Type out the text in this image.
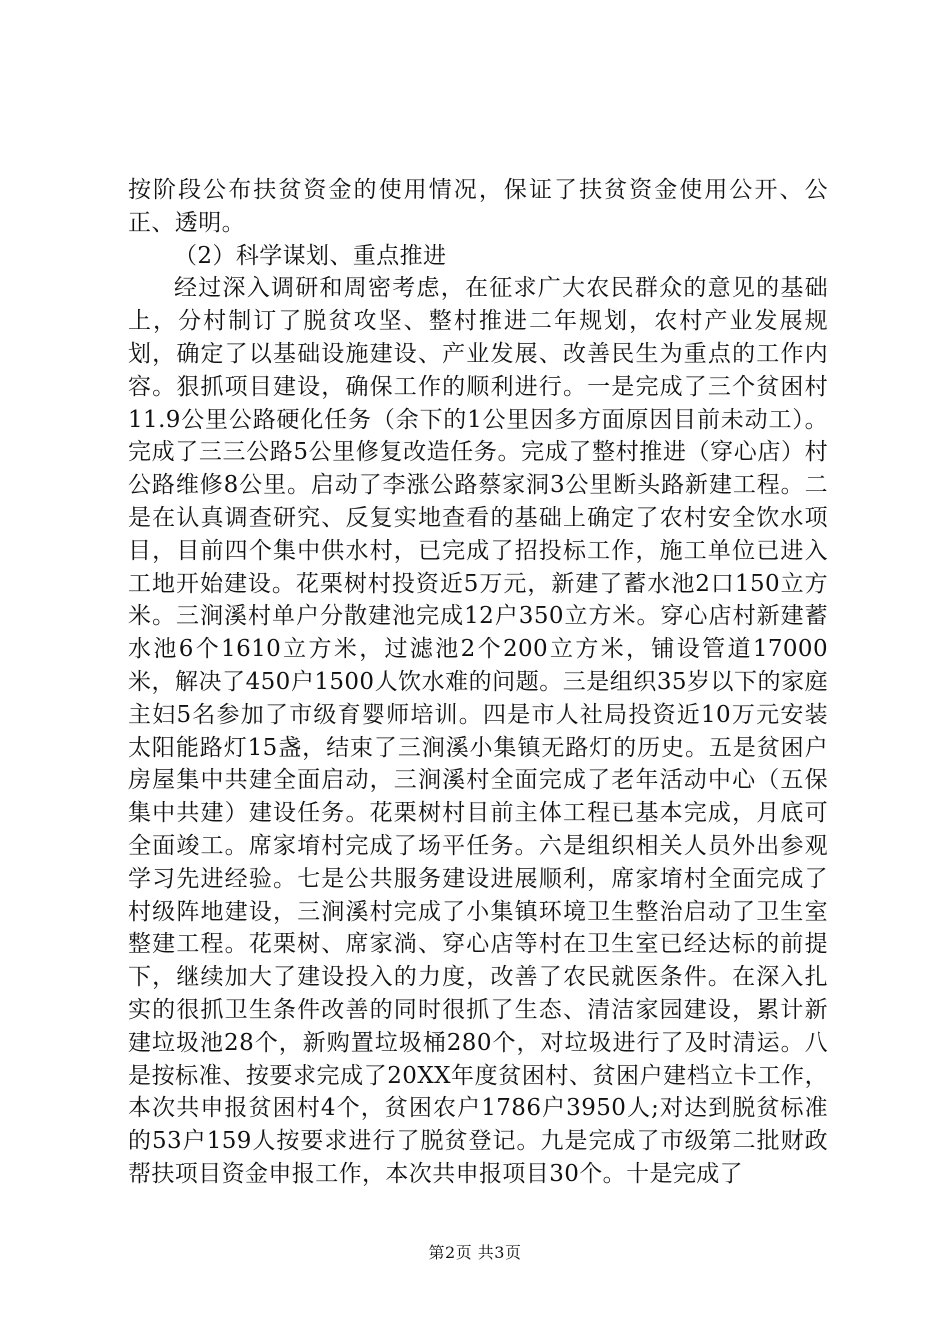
按阶段公布扶贫资金的使用情况，保证了扶贫资金使用公开、公正、透明。

（2）科学谋划、重点推进

经过深入调研和周密考虑，在征求广大农民群众的意见的基础上，分村制订了脱贫攻坚、整村推进二年规划，农村产业发展规划，确定了以基础设施建设、产业发展、改善民生为重点的工作内容。狠抓项目建设，确保工作的顺利进行。一是完成了三个贫困村11.9公里公路硬化任务（余下的1公里因多方面原因目前未动工）。完成了三三公路5公里修复改造任务。完成了整村推进（穿心店）村公路维修8公里。启动了李涨公路蔡家洞3公里断头路新建工程。二是在认真调查研究、反复实地查看的基础上确定了农村安全饮水项目，目前四个集中供水村，已完成了招投标工作，施工单位已进入工地开始建设。花栗树村投资近5万元，新建了蓄水池2口150立方米。三涧溪村单户分散建池完成12户350立方米。穿心店村新建蓄水池6个1610立方米，过滤池2个200立方米，铺设管道17000米，解决了450户1500人饮水难的问题。三是组织35岁以下的家庭主妇5名参加了市级育婴师培训。四是市人社局投资近10万元安装太阳能路灯15盏，结束了三涧溪小集镇无路灯的历史。五是贫困户房屋集中共建全面启动，三涧溪村全面完成了老年活动中心（五保集中共建）建设任务。花栗树村目前主体工程已基本完成，月底可全面竣工。席家堉村完成了场平任务。六是组织相关人员外出参观学习先进经验。七是公共服务建设进展顺利，席家堉村全面完成了村级阵地建设，三涧溪村完成了小集镇环境卫生整治启动了卫生室整建工程。花栗树、席家淌、穿心店等村在卫生室已经达标的前提下，继续加大了建设投入的力度，改善了农民就医条件。在深入扎实的很抓卫生条件改善的同时很抓了生态、清洁家园建设，累计新建垃圾池28个，新购置垃圾桶280个，对垃圾进行了及时清运。八是按标准、按要求完成了20XX年度贫困村、贫困户建档立卡工作，本次共申报贫困村4个，贫困农户1786户3950人;对达到脱贫标准的53户159人按要求进行了脱贫登记。九是完成了市级第二批财政帮扶项目资金申报工作，本次共申报项目30个。十是完成了

第2页 共3页
